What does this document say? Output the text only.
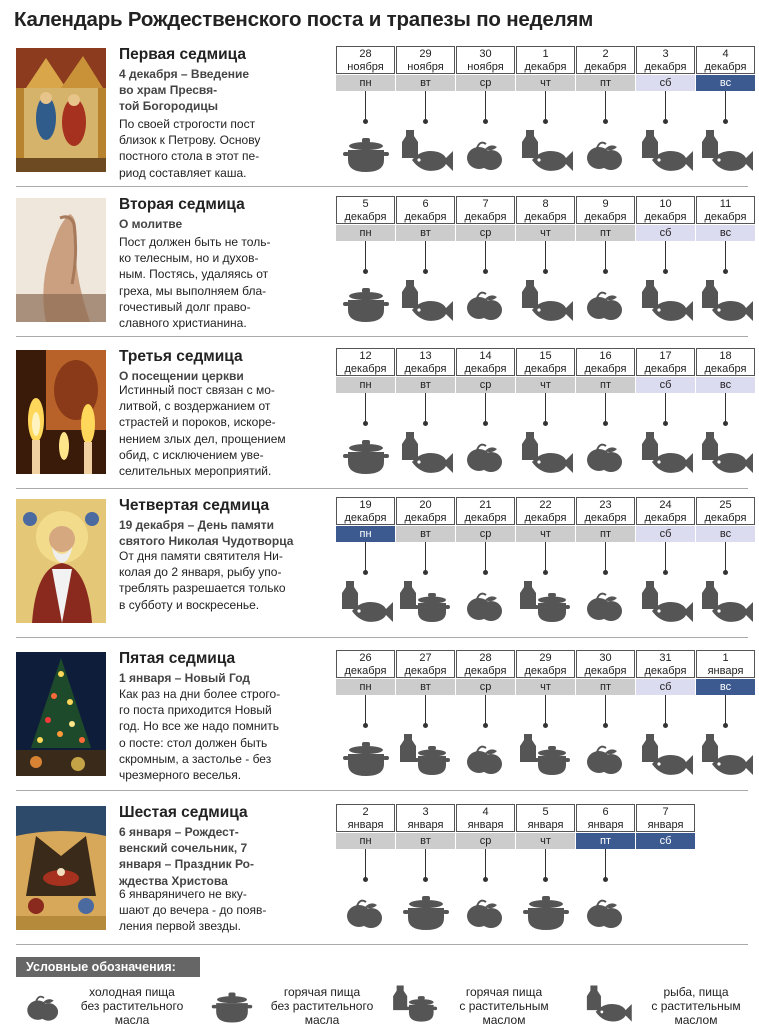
Календарь Рождественского поста и трапезы по неделям
Первая седмица
4 декабря – Введение
во храм Пресвя-
той Богородицы
По своей строгости пост
близок к Петрову. Основу
постного стола в этот пе-
риод составляет каша.
28
ноября
пн
29
ноября
вт
30
ноября
ср
1
декабря
чт
2
декабря
пт
3
декабря
сб
4
декабря
вс
Вторая седмица
О молитве
Пост должен быть не толь-
ко телесным, но и духов-
ным. Постясь, удаляясь от
греха, мы выполняем бла-
гочестивый долг право-
славного христианина.
5
декабря
пн
6
декабря
вт
7
декабря
ср
8
декабря
чт
9
декабря
пт
10
декабря
сб
11
декабря
вс
Третья седмица
О посещении церкви
Истинный пост связан с мо-
литвой, с воздержанием от
страстей и пороков, искоре-
нением злых дел, прощением
обид, с исключением увe-
селительных мероприятий.
12
декабря
пн
13
декабря
вт
14
декабря
ср
15
декабря
чт
16
декабря
пт
17
декабря
сб
18
декабря
вс
Четвертая седмица
19 декабря – День памяти
святого Николая Чудотворца
От дня памяти святителя Ни-
колая до 2 января, рыбу упо-
треблять разрешается только
в субботу и воскресенье.
19
декабря
пн
20
декабря
вт
21
декабря
ср
22
декабря
чт
23
декабря
пт
24
декабря
сб
25
декабря
вс
Пятая седмица
1 января – Новый Год
Как раз на дни более строго-
го поста приходится Новый
год. Но все же надо помнить
о посте: стол должен быть
скромным, а застолье - без
чрезмерного веселья.
26
декабря
пн
27
декабря
вт
28
декабря
ср
29
декабря
чт
30
декабря
пт
31
декабря
сб
1
января
вс
Шестая седмица
6 января – Рождест-
венский сочельник, 7
января – Праздник Ро-
ждества Христова
6 январяничего не вку-
шают до вечера - до появ-
ления первой звезды.
2
января
пн
3
января
вт
4
января
ср
5
января
чт
6
января
пт
7
января
сб
Условные обозначения:
холодная пища
без растительного
масла
горячая пища
без растительного
масла
горячая пища
с растительным
маслом
рыба, пища
с растительным
маслом
